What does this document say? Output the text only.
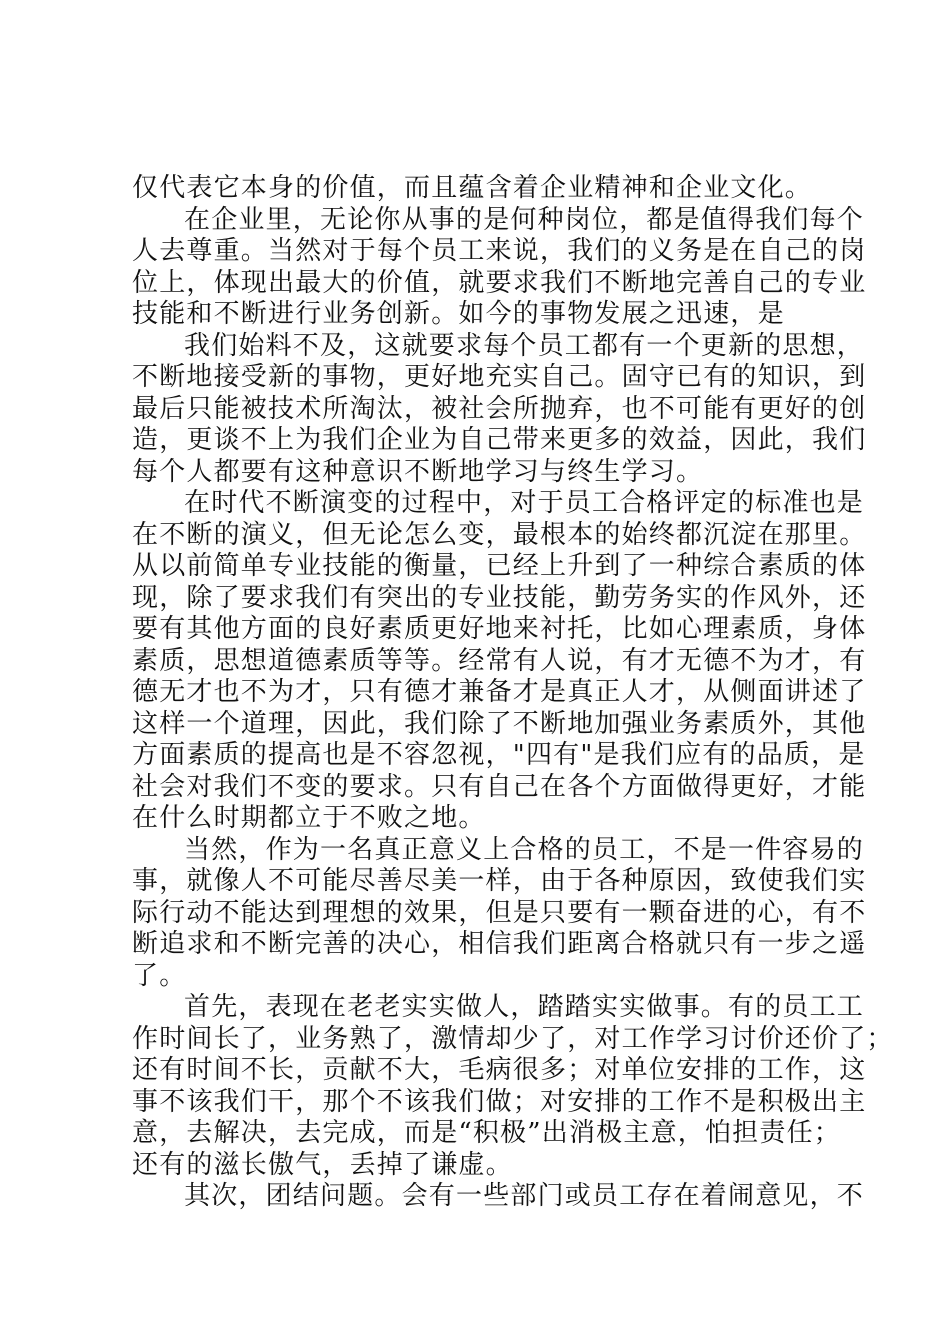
仅代表它本身的价值，而且蕴含着企业精神和企业文化。
在企业里，无论你从事的是何种岗位，都是值得我们每个
人去尊重。当然对于每个员工来说，我们的义务是在自己的岗
位上，体现出最大的价值，就要求我们不断地完善自己的专业
技能和不断进行业务创新。如今的事物发展之迅速，是
我们始料不及，这就要求每个员工都有一个更新的思想，
不断地接受新的事物，更好地充实自己。固守已有的知识，到
最后只能被技术所淘汰，被社会所抛弃，也不可能有更好的创
造，更谈不上为我们企业为自己带来更多的效益，因此，我们
每个人都要有这种意识不断地学习与终生学习。
在时代不断演变的过程中，对于员工合格评定的标准也是
在不断的演义，但无论怎么变，最根本的始终都沉淀在那里。
从以前简单专业技能的衡量，已经上升到了一种综合素质的体
现，除了要求我们有突出的专业技能，勤劳务实的作风外，还
要有其他方面的良好素质更好地来衬托，比如心理素质，身体
素质，思想道德素质等等。经常有人说，有才无德不为才，有
德无才也不为才，只有德才兼备才是真正人才，从侧面讲述了
这样一个道理，因此，我们除了不断地加强业务素质外，其他
方面素质的提高也是不容忽视，"四有"是我们应有的品质，是
社会对我们不变的要求。只有自己在各个方面做得更好，才能
在什么时期都立于不败之地。
当然，作为一名真正意义上合格的员工，不是一件容易的
事，就像人不可能尽善尽美一样，由于各种原因，致使我们实
际行动不能达到理想的效果，但是只要有一颗奋进的心，有不
断追求和不断完善的决心，相信我们距离合格就只有一步之遥
了。
首先，表现在老老实实做人，踏踏实实做事。有的员工工
作时间长了，业务熟了，激情却少了，对工作学习讨价还价了；
还有时间不长，贡献不大，毛病很多；对单位安排的工作，这
事不该我们干，那个不该我们做；对安排的工作不是积极出主
意，去解决，去完成，而是“积极”出消极主意，怕担责任；
还有的滋长傲气，丢掉了谦虚。
其次，团结问题。会有一些部门或员工存在着闹意见，不
